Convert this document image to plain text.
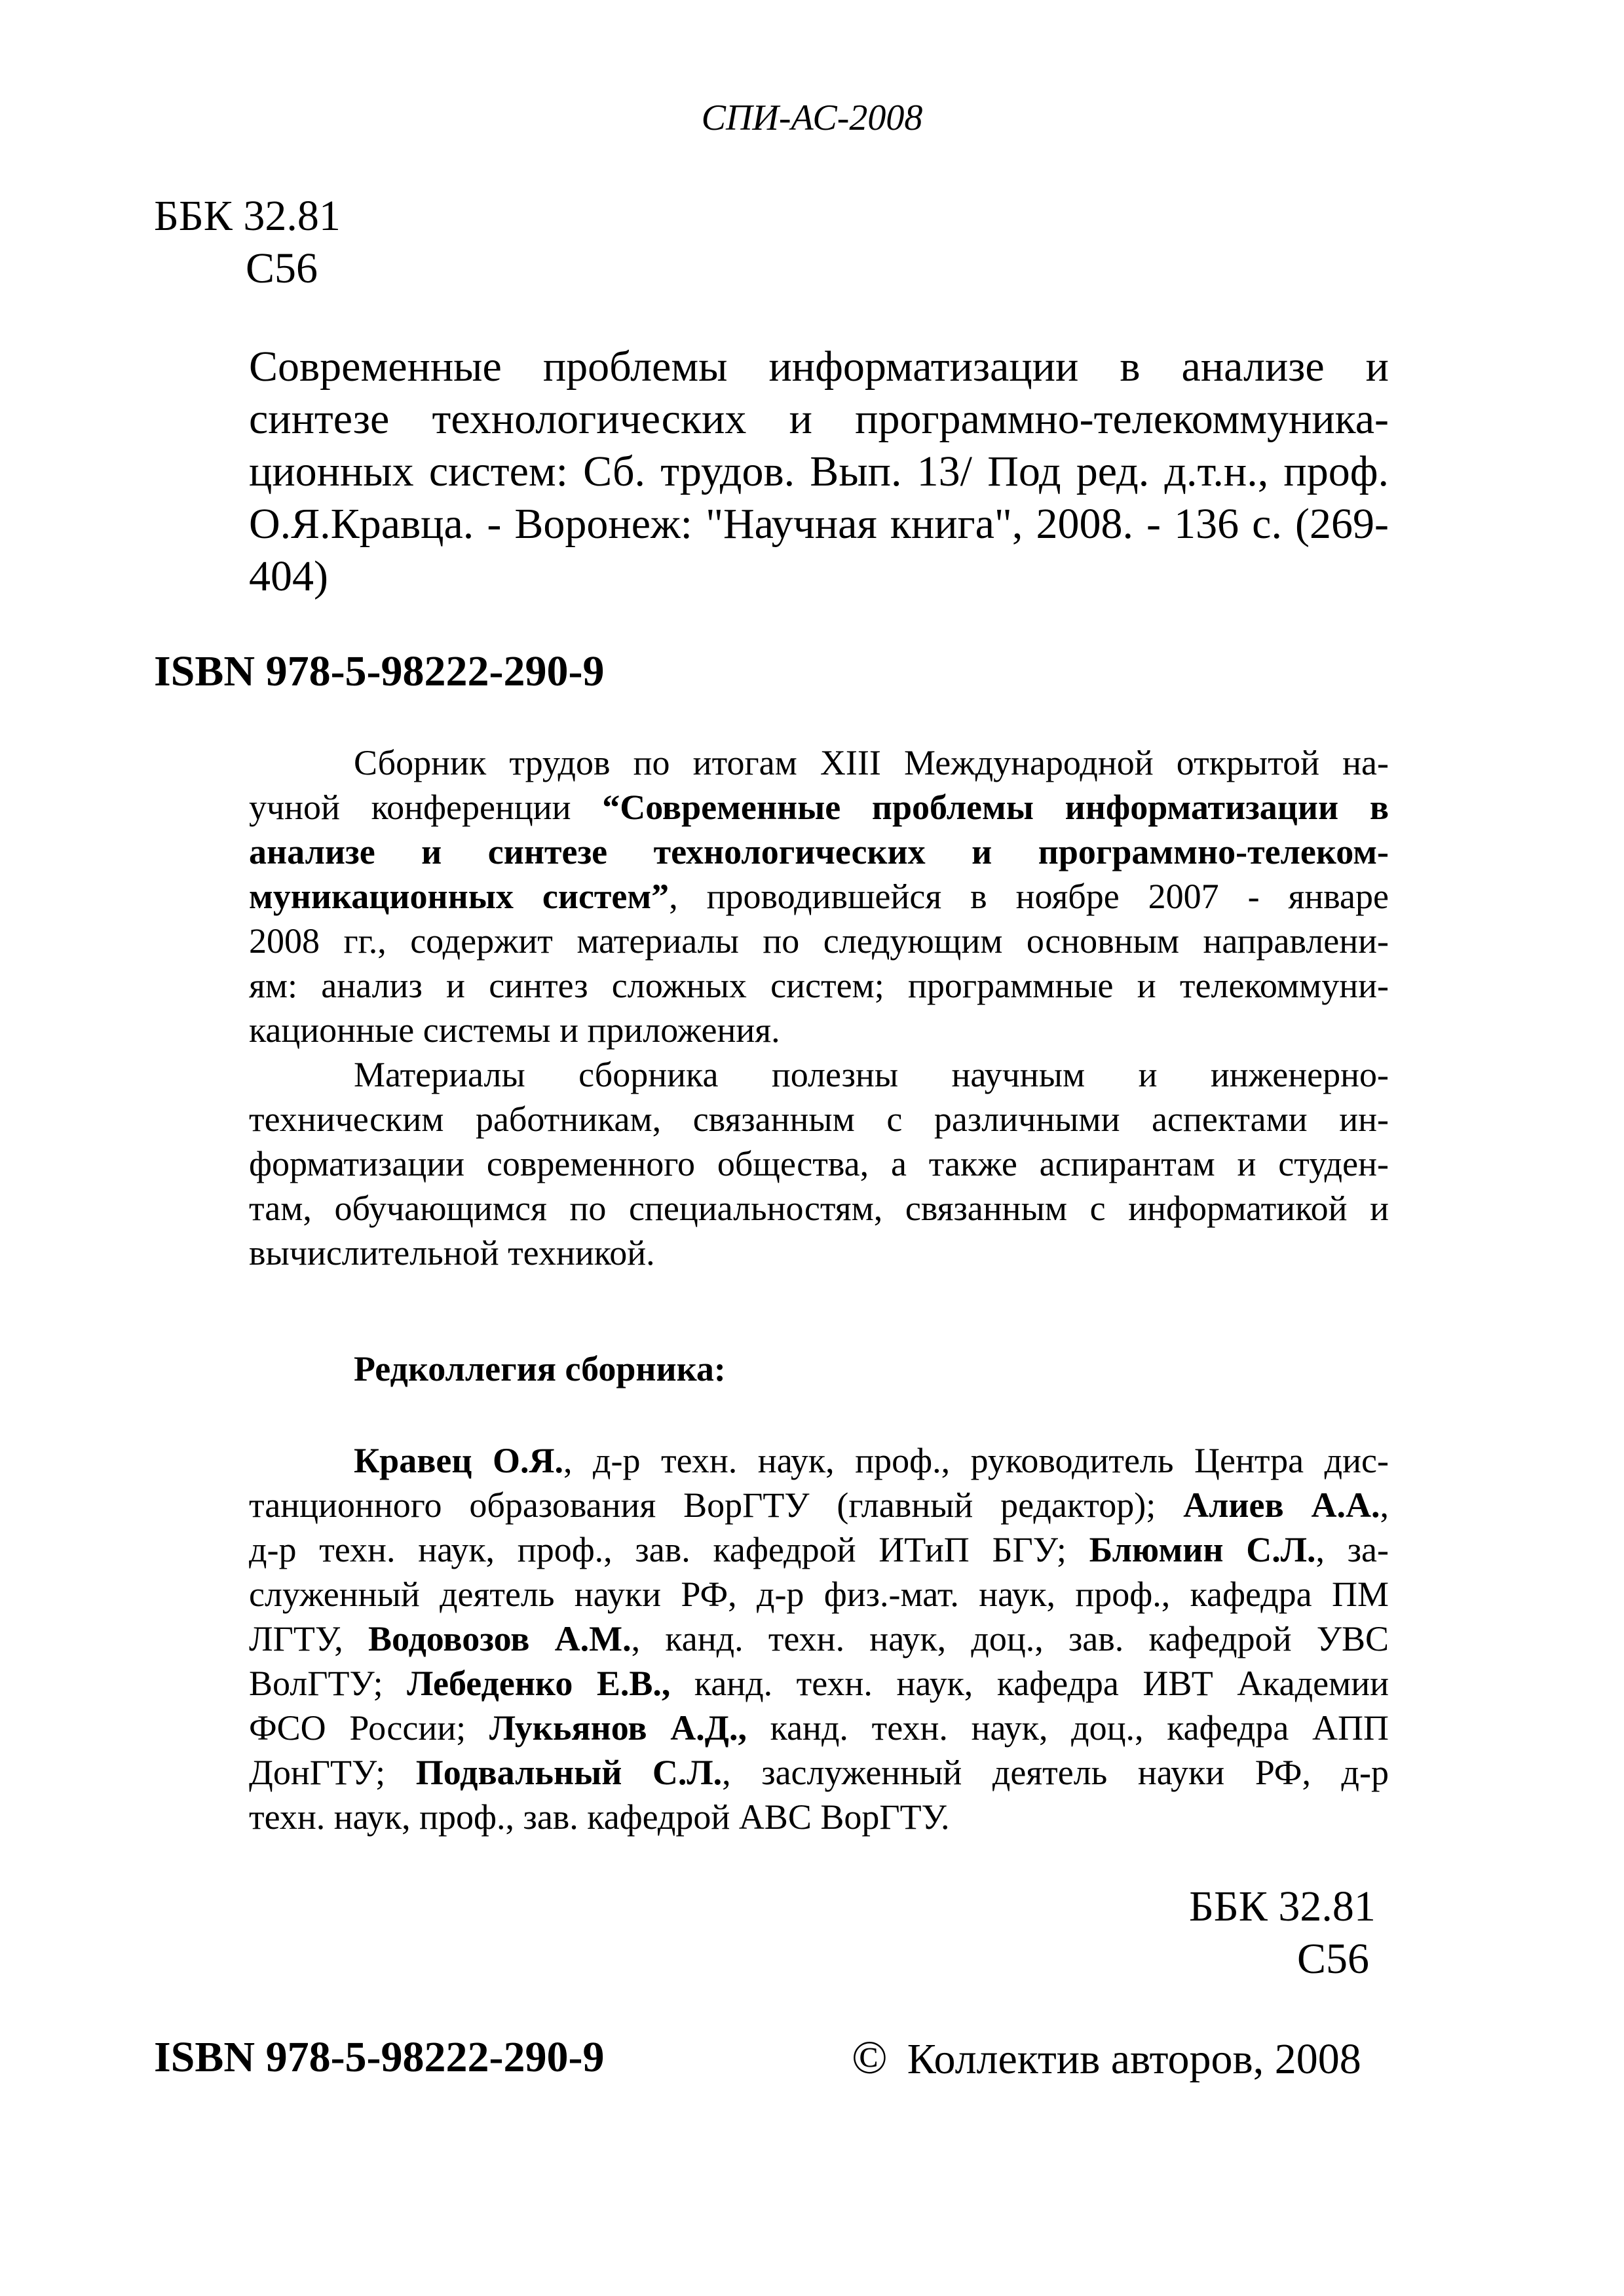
СПИ-АС-2008
ББК 32.81
С56
Современные проблемы информатизации в анализе и
синтезе технологических и программно-телекоммуника-
ционных систем: Сб. трудов. Вып. 13/ Под ред. д.т.н., проф.
О.Я.Кравца. - Воронеж: "Научная книга", 2008. - 136 с. (269-
404)
ISBN 978-5-98222-290-9
Сборник трудов по итогам XIII Международной открытой на-
учной конференции “Современные проблемы информатизации в
анализе и синтезе технологических и программно-телеком-
муникационных систем”, проводившейся в ноябре 2007 - январе
2008 гг., содержит материалы по следующим основным направлени-
ям: анализ и синтез сложных систем; программные и телекоммуни-
кационные системы и приложения.
Материалы сборника полезны научным и инженерно-
техническим работникам, связанным с различными аспектами ин-
форматизации современного общества, а также аспирантам и студен-
там, обучающимся по специальностям, связанным с информатикой и
вычислительной техникой.
Редколлегия сборника:
Кравец О.Я., д-р техн. наук, проф., руководитель Центра дис-
танционного образования ВорГТУ (главный редактор); Алиев А.А.,
д-р техн. наук, проф., зав. кафедрой ИТиП БГУ; Блюмин С.Л., за-
служенный деятель науки РФ, д-р физ.-мат. наук, проф., кафедра ПМ
ЛГТУ, Водовозов А.М., канд. техн. наук, доц., зав. кафедрой УВС
ВолГТУ; Лебеденко Е.В., канд. техн. наук, кафедра ИВТ Академии
ФСО России; Лукьянов А.Д., канд. техн. наук, доц., кафедра АПП
ДонГТУ; Подвальный С.Л., заслуженный деятель науки РФ, д-р
техн. наук, проф., зав. кафедрой АВС ВорГТУ.
ББК 32.81
С56
ISBN 978-5-98222-290-9	© Коллектив авторов, 2008
